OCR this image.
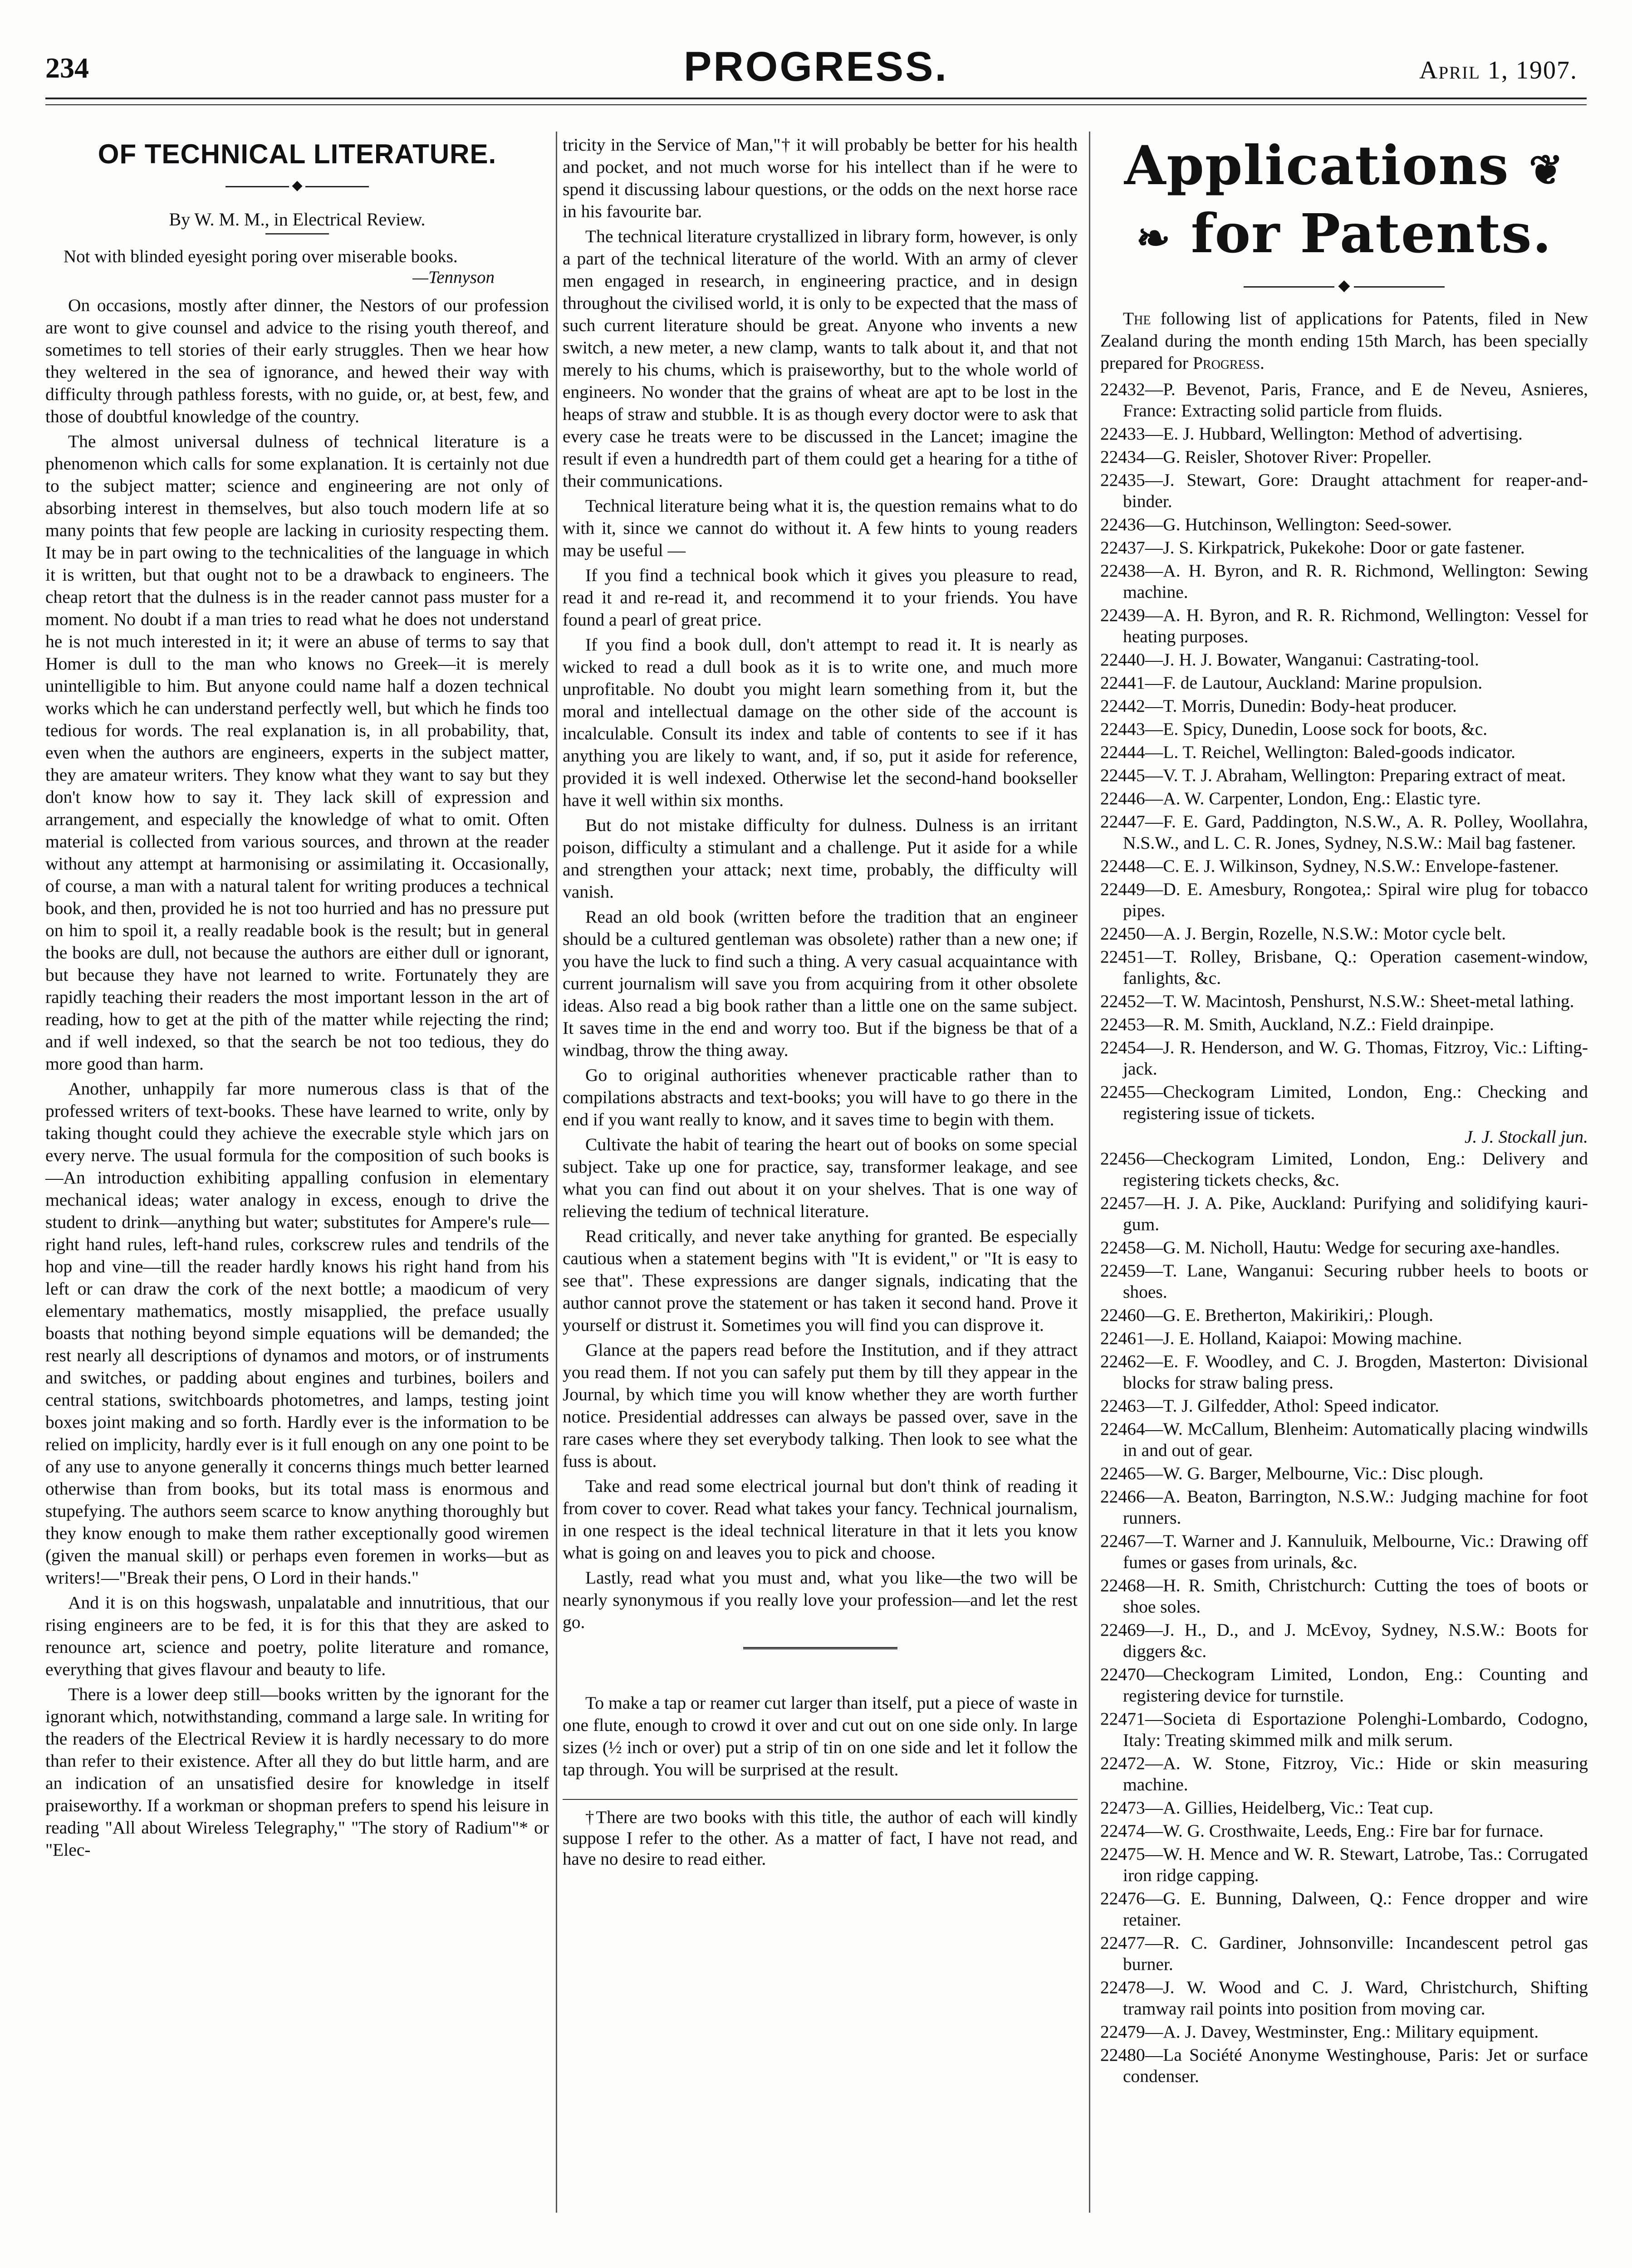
234	PROGRESS.	April 1, 1907.
OF TECHNICAL LITERATURE.
◆
By W. M. M., in Electrical Review.
Not with blinded eyesight poring over miserable books.
—Tennyson

On occasions, mostly after dinner, the Nestors of our profession are wont to give counsel and advice to the rising youth thereof, and sometimes to tell stories of their early struggles. Then we hear how they weltered in the sea of ignorance, and hewed their way with difficulty through pathless forests, with no guide, or, at best, few, and those of doubtful knowledge of the country.

The almost universal dulness of technical literature is a phenomenon which calls for some explanation. It is certainly not due to the subject matter; science and engineering are not only of absorbing interest in themselves, but also touch modern life at so many points that few people are lacking in curiosity respecting them. It may be in part owing to the technicalities of the language in which it is written, but that ought not to be a drawback to engineers. The cheap retort that the dulness is in the reader cannot pass muster for a moment. No doubt if a man tries to read what he does not understand he is not much interested in it; it were an abuse of terms to say that Homer is dull to the man who knows no Greek—it is merely unintelligible to him. But anyone could name half a dozen technical works which he can understand perfectly well, but which he finds too tedious for words. The real explanation is, in all probability, that, even when the authors are engineers, experts in the subject matter, they are amateur writers. They know what they want to say but they don't know how to say it. They lack skill of expression and arrangement, and especially the knowledge of what to omit. Often material is collected from various sources, and thrown at the reader without any attempt at harmonising or assimilating it. Occasionally, of course, a man with a natural talent for writing produces a technical book, and then, provided he is not too hurried and has no pressure put on him to spoil it, a really readable book is the result; but in general the books are dull, not because the authors are either dull or ignorant, but because they have not learned to write. Fortunately they are rapidly teaching their readers the most important lesson in the art of reading, how to get at the pith of the matter while rejecting the rind; and if well indexed, so that the search be not too tedious, they do more good than harm.

Another, unhappily far more numerous class is that of the professed writers of text-books. These have learned to write, only by taking thought could they achieve the execrable style which jars on every nerve. The usual formula for the composition of such books is —An introduction exhibiting appalling confusion in elementary mechanical ideas; water analogy in excess, enough to drive the student to drink—anything but water; substitutes for Ampere's rule—right hand rules, left-hand rules, corkscrew rules and tendrils of the hop and vine—till the reader hardly knows his right hand from his left or can draw the cork of the next bottle; a maodicum of very elementary mathematics, mostly misapplied, the preface usually boasts that nothing beyond simple equations will be demanded; the rest nearly all descriptions of dynamos and motors, or of instruments and switches, or padding about engines and turbines, boilers and central stations, switchboards photometres, and lamps, testing joint boxes joint making and so forth. Hardly ever is the information to be relied on implicity, hardly ever is it full enough on any one point to be of any use to anyone generally it concerns things much better learned otherwise than from books, but its total mass is enormous and stupefying. The authors seem scarce to know anything thoroughly but they know enough to make them rather exceptionally good wiremen (given the manual skill) or perhaps even foremen in works—but as writers!—"Break their pens, O Lord in their hands."

And it is on this hogswash, unpalatable and innutritious, that our rising engineers are to be fed, it is for this that they are asked to renounce art, science and poetry, polite literature and romance, everything that gives flavour and beauty to life.

There is a lower deep still—books written by the ignorant for the ignorant which, notwithstanding, command a large sale. In writing for the readers of the Electrical Review it is hardly necessary to do more than refer to their existence. After all they do but little harm, and are an indication of an unsatisfied desire for knowledge in itself praiseworthy. If a workman or shopman prefers to spend his leisure in reading "All about Wireless Telegraphy," "The story of Radium"* or "Elec-

tricity in the Service of Man,"† it will probably be better for his health and pocket, and not much worse for his intellect than if he were to spend it discussing labour questions, or the odds on the next horse race in his favourite bar.

The technical literature crystallized in library form, however, is only a part of the technical literature of the world. With an army of clever men engaged in research, in engineering practice, and in design throughout the civilised world, it is only to be expected that the mass of such current literature should be great. Anyone who invents a new switch, a new meter, a new clamp, wants to talk about it, and that not merely to his chums, which is praiseworthy, but to the whole world of engineers. No wonder that the grains of wheat are apt to be lost in the heaps of straw and stubble. It is as though every doctor were to ask that every case he treats were to be discussed in the Lancet; imagine the result if even a hundredth part of them could get a hearing for a tithe of their communications.

Technical literature being what it is, the question remains what to do with it, since we cannot do without it. A few hints to young readers may be useful —

If you find a technical book which it gives you pleasure to read, read it and re-read it, and recommend it to your friends. You have found a pearl of great price.

If you find a book dull, don't attempt to read it. It is nearly as wicked to read a dull book as it is to write one, and much more unprofitable. No doubt you might learn something from it, but the moral and intellectual damage on the other side of the account is incalculable. Consult its index and table of contents to see if it has anything you are likely to want, and, if so, put it aside for reference, provided it is well indexed. Otherwise let the second-hand bookseller have it well within six months.

But do not mistake difficulty for dulness. Dulness is an irritant poison, difficulty a stimulant and a challenge. Put it aside for a while and strengthen your attack; next time, probably, the difficulty will vanish.

Read an old book (written before the tradition that an engineer should be a cultured gentleman was obsolete) rather than a new one; if you have the luck to find such a thing. A very casual acquaintance with current journalism will save you from acquiring from it other obsolete ideas. Also read a big book rather than a little one on the same subject. It saves time in the end and worry too. But if the bigness be that of a windbag, throw the thing away.

Go to original authorities whenever practicable rather than to compilations abstracts and text-books; you will have to go there in the end if you want really to know, and it saves time to begin with them.

Cultivate the habit of tearing the heart out of books on some special subject. Take up one for practice, say, transformer leakage, and see what you can find out about it on your shelves. That is one way of relieving the tedium of technical literature.

Read critically, and never take anything for granted. Be especially cautious when a statement begins with "It is evident," or "It is easy to see that". These expressions are danger signals, indicating that the author cannot prove the statement or has taken it second hand. Prove it yourself or distrust it. Sometimes you will find you can disprove it.

Glance at the papers read before the Institution, and if they attract you read them. If not you can safely put them by till they appear in the Journal, by which time you will know whether they are worth further notice. Presidential addresses can always be passed over, save in the rare cases where they set everybody talking. Then look to see what the fuss is about.

Take and read some electrical journal but don't think of reading it from cover to cover. Read what takes your fancy. Technical journalism, in one respect is the ideal technical literature in that it lets you know what is going on and leaves you to pick and choose.

Lastly, read what you must and, what you like—the two will be nearly synonymous if you really love your profession—and let the rest go.

To make a tap or reamer cut larger than itself, put a piece of waste in one flute, enough to crowd it over and cut out on one side only. In large sizes (½ inch or over) put a strip of tin on one side and let it follow the tap through. You will be surprised at the result.

†There are two books with this title, the author of each will kindly suppose I refer to the other. As a matter of fact, I have not read, and have no desire to read either.

Applications ❦
❧ for Patents.
◆

The following list of applications for Patents, filed in New Zealand during the month ending 15th March, has been specially prepared for Progress.

22432—P. Bevenot, Paris, France, and E de Neveu, Asnieres, France: Extracting solid particle from fluids.

22433—E. J. Hubbard, Wellington: Method of advertising.

22434—G. Reisler, Shotover River: Propeller.

22435—J. Stewart, Gore: Draught attachment for reaper-and-binder.

22436—G. Hutchinson, Wellington: Seed-sower.

22437—J. S. Kirkpatrick, Pukekohe: Door or gate fastener.

22438—A. H. Byron, and R. R. Richmond, Wellington: Sewing machine.

22439—A. H. Byron, and R. R. Richmond, Wellington: Vessel for heating purposes.

22440—J. H. J. Bowater, Wanganui: Castrating-tool.

22441—F. de Lautour, Auckland: Marine propulsion.

22442—T. Morris, Dunedin: Body-heat producer.

22443—E. Spicy, Dunedin, Loose sock for boots, &c.

22444—L. T. Reichel, Wellington: Baled-goods indicator.

22445—V. T. J. Abraham, Wellington: Preparing extract of meat.

22446—A. W. Carpenter, London, Eng.: Elastic tyre.

22447—F. E. Gard, Paddington, N.S.W., A. R. Polley, Woollahra, N.S.W., and L. C. R. Jones, Sydney, N.S.W.: Mail bag fastener.

22448—C. E. J. Wilkinson, Sydney, N.S.W.: Envelope-fastener.

22449—D. E. Amesbury, Rongotea,: Spiral wire plug for tobacco pipes.

22450—A. J. Bergin, Rozelle, N.S.W.: Motor cycle belt.

22451—T. Rolley, Brisbane, Q.: Operation casement-window, fanlights, &c.

22452—T. W. Macintosh, Penshurst, N.S.W.: Sheet-metal lathing.

22453—R. M. Smith, Auckland, N.Z.: Field drainpipe.

22454—J. R. Henderson, and W. G. Thomas, Fitzroy, Vic.: Lifting-jack.

22455—Checkogram Limited, London, Eng.: Checking and registering issue of tickets.

J. J. Stockall jun.

22456—Checkogram Limited, London, Eng.: Delivery and registering tickets checks, &c.

22457—H. J. A. Pike, Auckland: Purifying and solidifying kauri-gum.

22458—G. M. Nicholl, Hautu: Wedge for securing axe-handles.

22459—T. Lane, Wanganui: Securing rubber heels to boots or shoes.

22460—G. E. Bretherton, Makirikiri,: Plough.

22461—J. E. Holland, Kaiapoi: Mowing machine.

22462—E. F. Woodley, and C. J. Brogden, Masterton: Divisional blocks for straw baling press.

22463—T. J. Gilfedder, Athol: Speed indicator.

22464—W. McCallum, Blenheim: Automatically placing windwills in and out of gear.

22465—W. G. Barger, Melbourne, Vic.: Disc plough.

22466—A. Beaton, Barrington, N.S.W.: Judging machine for foot runners.

22467—T. Warner and J. Kannuluik, Melbourne, Vic.: Drawing off fumes or gases from urinals, &c.

22468—H. R. Smith, Christchurch: Cutting the toes of boots or shoe soles.

22469—J. H., D., and J. McEvoy, Sydney, N.S.W.: Boots for diggers &c.

22470—Checkogram Limited, London, Eng.: Counting and registering device for turnstile.

22471—Societa di Esportazione Polenghi-Lombardo, Codogno, Italy: Treating skimmed milk and milk serum.

22472—A. W. Stone, Fitzroy, Vic.: Hide or skin measuring machine.

22473—A. Gillies, Heidelberg, Vic.: Teat cup.

22474—W. G. Crosthwaite, Leeds, Eng.: Fire bar for furnace.

22475—W. H. Mence and W. R. Stewart, Latrobe, Tas.: Corrugated iron ridge capping.

22476—G. E. Bunning, Dalween, Q.: Fence dropper and wire retainer.

22477—R. C. Gardiner, Johnsonville: Incandescent petrol gas burner.

22478—J. W. Wood and C. J. Ward, Christchurch, Shifting tramway rail points into position from moving car.

22479—A. J. Davey, Westminster, Eng.: Military equipment.

22480—La Société Anonyme Westinghouse, Paris: Jet or surface condenser.
